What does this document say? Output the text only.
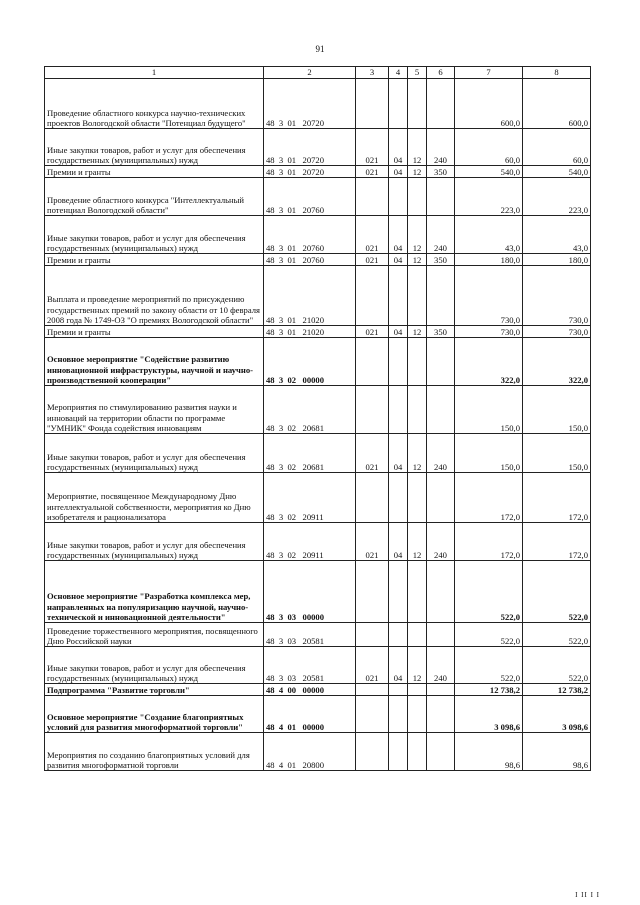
91
1	2	3	4	5	6	7	8
Проведение областного конкурса научно-технических проектов Вологодской области "Потенциал будущего"	48  3  01   20720					600,0	600,0
Иные закупки товаров, работ и услуг для обеспечения государственных (муниципальных) нужд	48  3  01   20720	021	04	12	240	60,0	60,0
Премии и гранты	48  3  01   20720	021	04	12	350	540,0	540,0
Проведение областного конкурса "Интеллектуальный потенциал Вологодской области"	48  3  01   20760					223,0	223,0
Иные закупки товаров, работ и услуг для обеспечения государственных (муниципальных) нужд	48  3  01   20760	021	04	12	240	43,0	43,0
Премии и гранты	48  3  01   20760	021	04	12	350	180,0	180,0
Выплата и проведение мероприятий по присуждению государственных премий по закону области от 10 февраля 2008 года № 1749-ОЗ "О премиях Вологодской области"	48  3  01   21020					730,0	730,0
Премии и гранты	48  3  01   21020	021	04	12	350	730,0	730,0
Основное мероприятие "Содействие развитию инновационной инфраструктуры, научной и научно-производственной кооперации"	48  3  02   00000					322,0	322,0
Мероприятия по стимулированию развития науки и инноваций на территории области по программе "УМНИК" Фонда содействия инновациям	48  3  02   20681					150,0	150,0
Иные закупки товаров, работ и услуг для обеспечения государственных (муниципальных) нужд	48  3  02   20681	021	04	12	240	150,0	150,0
Мероприятие, посвященное Международному Дню интеллектуальной собственности, мероприятия ко Дню изобретателя и рационализатора	48  3  02   20911					172,0	172,0
Иные закупки товаров, работ и услуг для обеспечения государственных (муниципальных) нужд	48  3  02   20911	021	04	12	240	172,0	172,0
Основное мероприятие "Разработка комплекса мер, направленных на популяризацию научной, научно-технической и инновационной деятельности"	48  3  03   00000					522,0	522,0
Проведение торжественного мероприятия, посвященного Дню Российской науки	48  3  03   20581					522,0	522,0
Иные закупки товаров, работ и услуг для обеспечения государственных (муниципальных) нужд	48  3  03   20581	021	04	12	240	522,0	522,0
Подпрограмма "Развитие торговли"	48  4  00   00000					12 738,2	12 738,2
Основное мероприятие "Создание благоприятных условий для развития многоформатной торговли"	48  4  01   00000					3 098,6	3 098,6
Мероприятия по созданию благоприятных условий для развития многоформатной торговли	48  4  01   20800					98,6	98,6
I II I I
